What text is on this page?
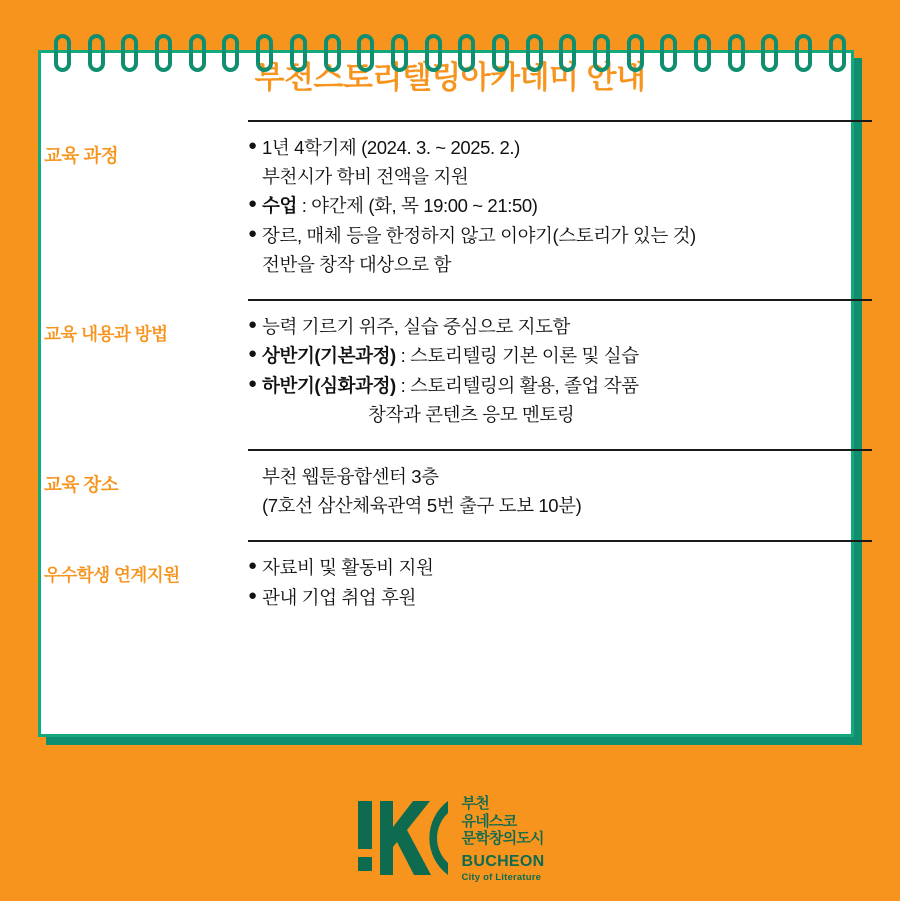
부천스토리텔링아카데미 안내
교육 과정	● 1년 4학기제 (2024. 3. ~ 2025. 2.)
부천시가 학비 전액을 지원
● 수업 : 야간제 (화, 목 19:00 ~ 21:50)
● 장르, 매체 등을 한정하지 않고 이야기(스토리가 있는 것)
전반을 창작 대상으로 함
교육 내용과 방법	● 능력 기르기 위주, 실습 중심으로 지도함
● 상반기(기본과정) : 스토리텔링 기본 이론 및 실습
● 하반기(심화과정) : 스토리텔링의 활용, 졸업 작품
창작과 콘텐츠 응모 멘토링
교육 장소	부천 웹툰융합센터 3층
(7호선 삼산체육관역 5번 출구 도보 10분)
우수학생 연계지원	● 자료비 및 활동비 지원
● 관내 기업 취업 후원
부천
유네스코
문학창의도시
BUCHEON
City of Literature
